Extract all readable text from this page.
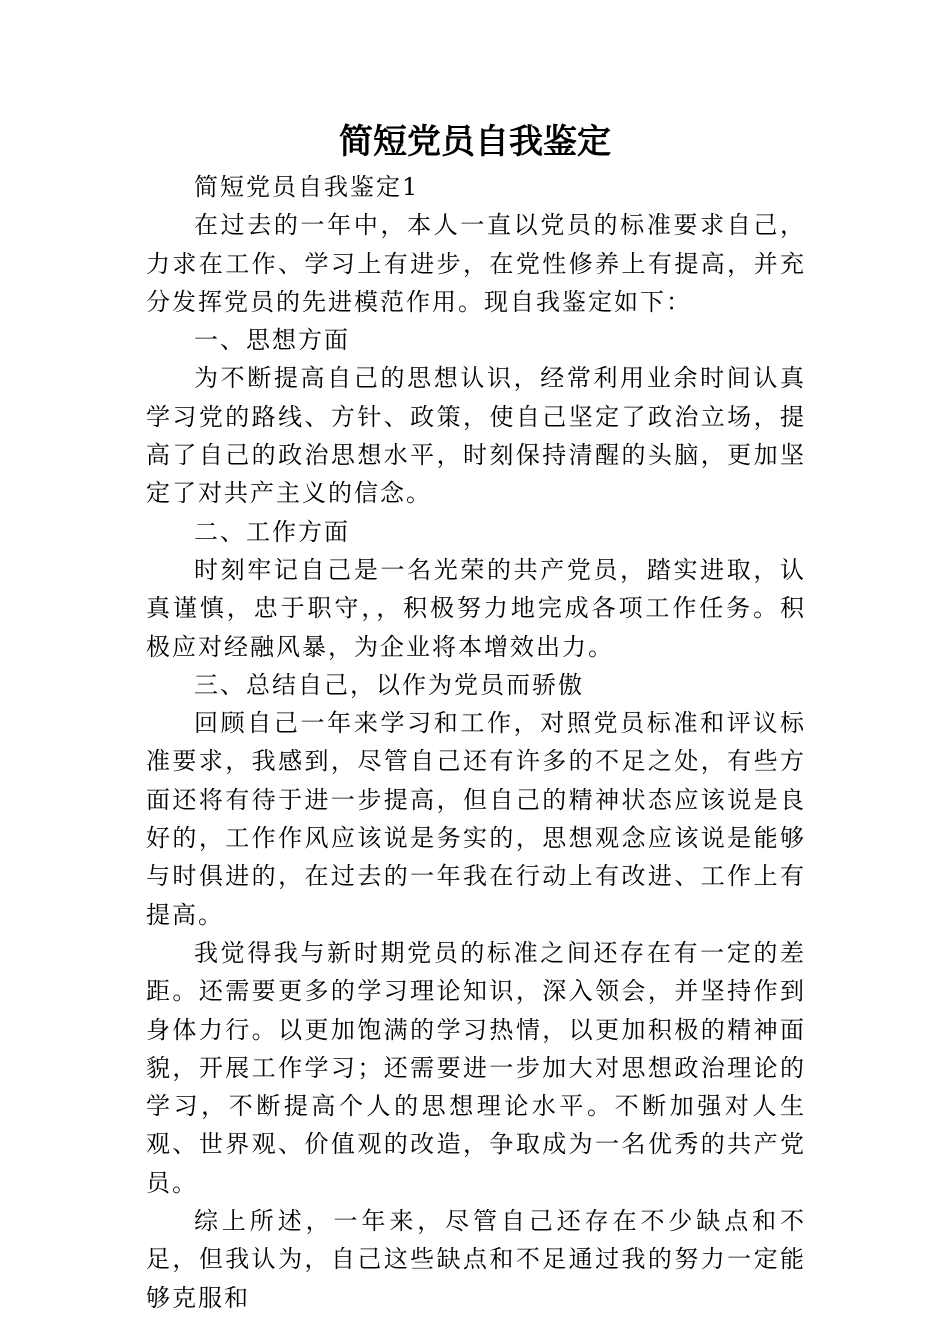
简短党员自我鉴定

简短党员自我鉴定1

在过去的一年中，本人一直以党员的标准要求自己，力求在工作、学习上有进步，在党性修养上有提高，并充分发挥党员的先进模范作用。现自我鉴定如下：

一、思想方面

为不断提高自己的思想认识，经常利用业余时间认真学习党的路线、方针、政策，使自己坚定了政治立场，提高了自己的政治思想水平，时刻保持清醒的头脑，更加坚定了对共产主义的信念。

二、工作方面

时刻牢记自己是一名光荣的共产党员，踏实进取，认真谨慎，忠于职守，，积极努力地完成各项工作任务。积极应对经融风暴，为企业将本增效出力。

三、总结自己，以作为党员而骄傲

回顾自己一年来学习和工作，对照党员标准和评议标准要求，我感到，尽管自己还有许多的不足之处，有些方面还将有待于进一步提高，但自己的精神状态应该说是良好的，工作作风应该说是务实的，思想观念应该说是能够与时俱进的，在过去的一年我在行动上有改进、工作上有提高。

我觉得我与新时期党员的标准之间还存在有一定的差距。还需要更多的学习理论知识，深入领会，并坚持作到身体力行。以更加饱满的学习热情，以更加积极的精神面貌，开展工作学习；还需要进一步加大对思想政治理论的学习，不断提高个人的思想理论水平。不断加强对人生观、世界观、价值观的改造，争取成为一名优秀的共产党员。

综上所述，一年来，尽管自己还存在不少缺点和不足，但我认为，自己这些缺点和不足通过我的努力一定能够克服和
